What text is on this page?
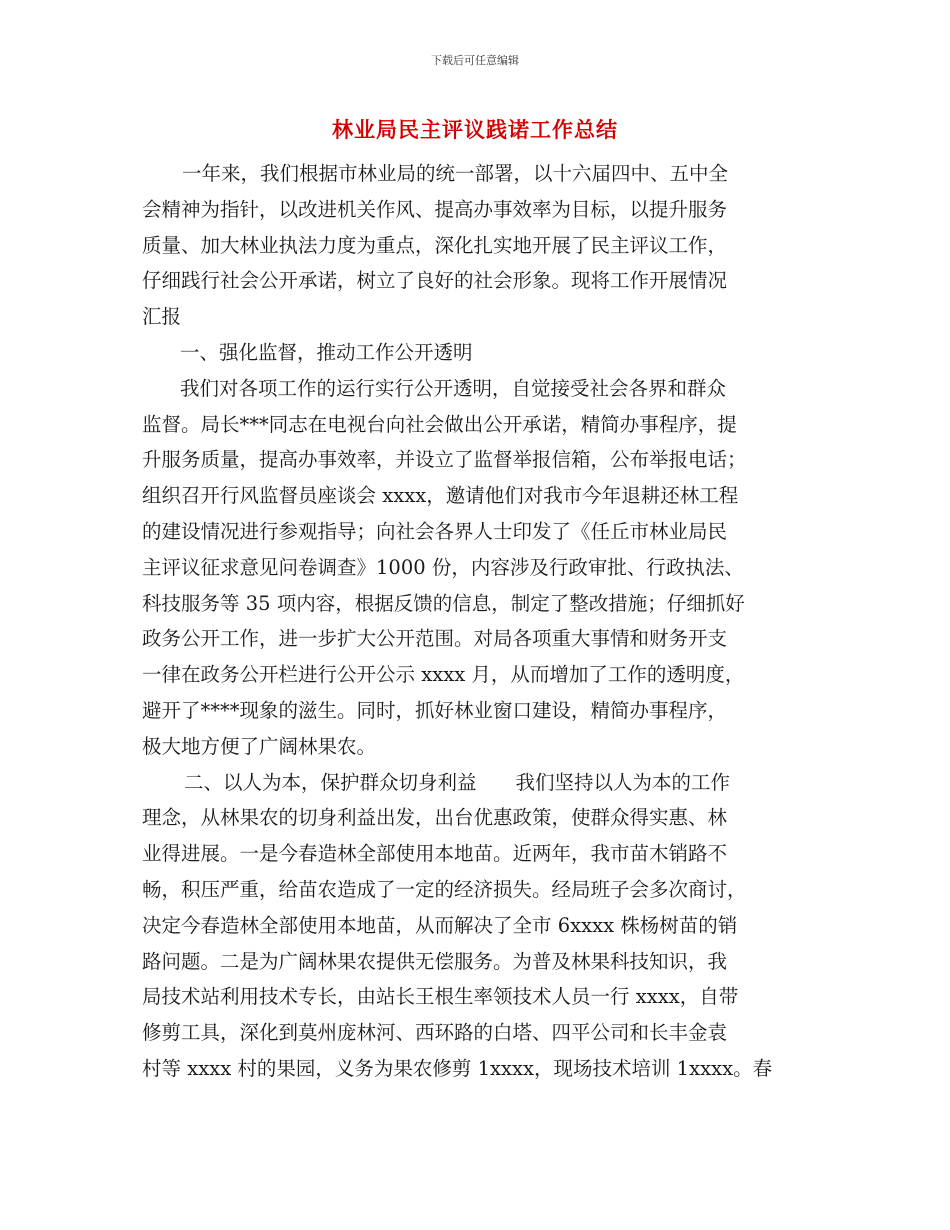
下载后可任意编辑
林业局民主评议践诺工作总结
一年来，我们根据市林业局的统一部署，以十六届四中、五中全
会精神为指针，以改进机关作风、提高办事效率为目标，以提升服务
质量、加大林业执法力度为重点，深化扎实地开展了民主评议工作，
仔细践行社会公开承诺，树立了良好的社会形象。现将工作开展情况
汇报
一、强化监督，推动工作公开透明
我们对各项工作的运行实行公开透明，自觉接受社会各界和群众
监督。局长***同志在电视台向社会做出公开承诺，精简办事程序，提
升服务质量，提高办事效率，并设立了监督举报信箱，公布举报电话；
组织召开行风监督员座谈会 xxxx，邀请他们对我市今年退耕还林工程
的建设情况进行参观指导；向社会各界人士印发了《任丘市林业局民
主评议征求意见问卷调查》1000 份，内容涉及行政审批、行政执法、
科技服务等 35 项内容，根据反馈的信息，制定了整改措施；仔细抓好
政务公开工作，进一步扩大公开范围。对局各项重大事情和财务开支
一律在政务公开栏进行公开公示 xxxx 月，从而增加了工作的透明度，
避开了****现象的滋生。同时，抓好林业窗口建设，精简办事程序，
极大地方便了广阔林果农。
二、以人为本，保护群众切身利益　　我们坚持以人为本的工作
理念，从林果农的切身利益出发，出台优惠政策，使群众得实惠、林
业得进展。一是今春造林全部使用本地苗。近两年，我市苗木销路不
畅，积压严重，给苗农造成了一定的经济损失。经局班子会多次商讨，
决定今春造林全部使用本地苗，从而解决了全市 6xxxx 株杨树苗的销
路问题。二是为广阔林果农提供无偿服务。为普及林果科技知识，我
局技术站利用技术专长，由站长王根生率领技术人员一行 xxxx，自带
修剪工具，深化到莫州庞林河、西环路的白塔、四平公司和长丰金袁
村等 xxxx 村的果园，义务为果农修剪 1xxxx，现场技术培训 1xxxx。春
